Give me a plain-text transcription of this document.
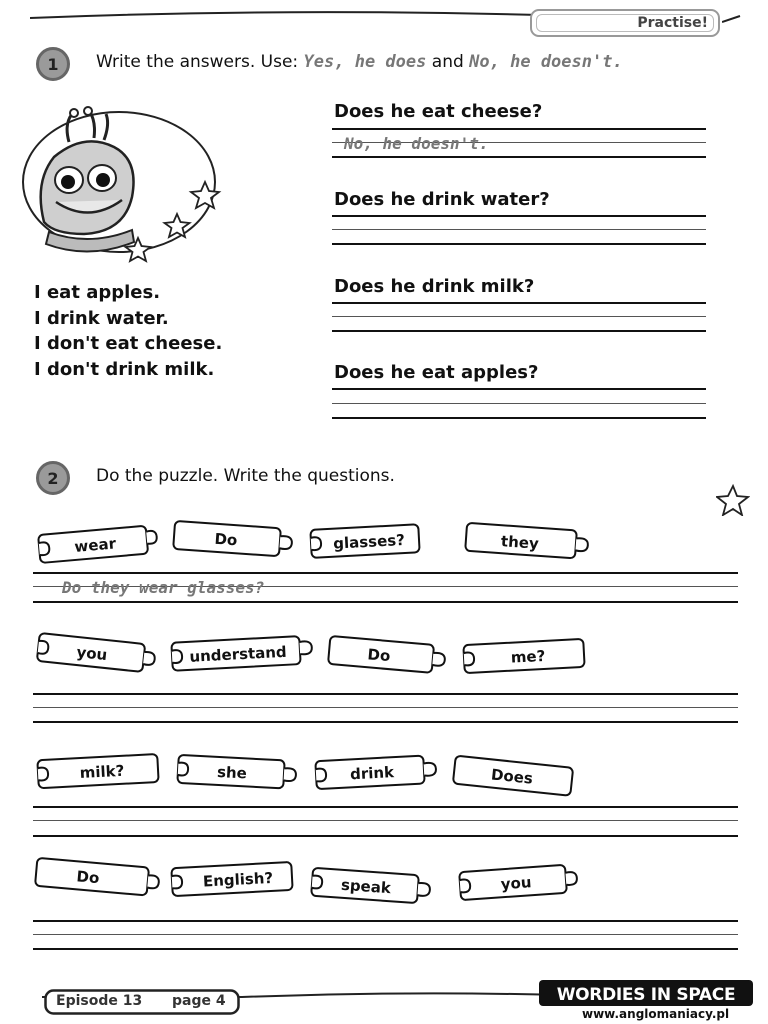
Practise!
1	Write the answers. Use: Yes, he does and No, he doesn't.
I eat apples.
I drink water.
I don't eat cheese.
I don't drink milk.
Does he eat cheese?
No, he doesn't.
Does he drink water?
Does he drink milk?
Does he eat apples?
2	Do the puzzle. Write the questions.
wear	Do	glasses?	they
Do they wear glasses?
you	understand	Do	me?
milk?	she	drink	Does
Do	English?	speak	you
Episode 13 page 4	WORDIES IN SPACE
www.anglomaniacy.pl
